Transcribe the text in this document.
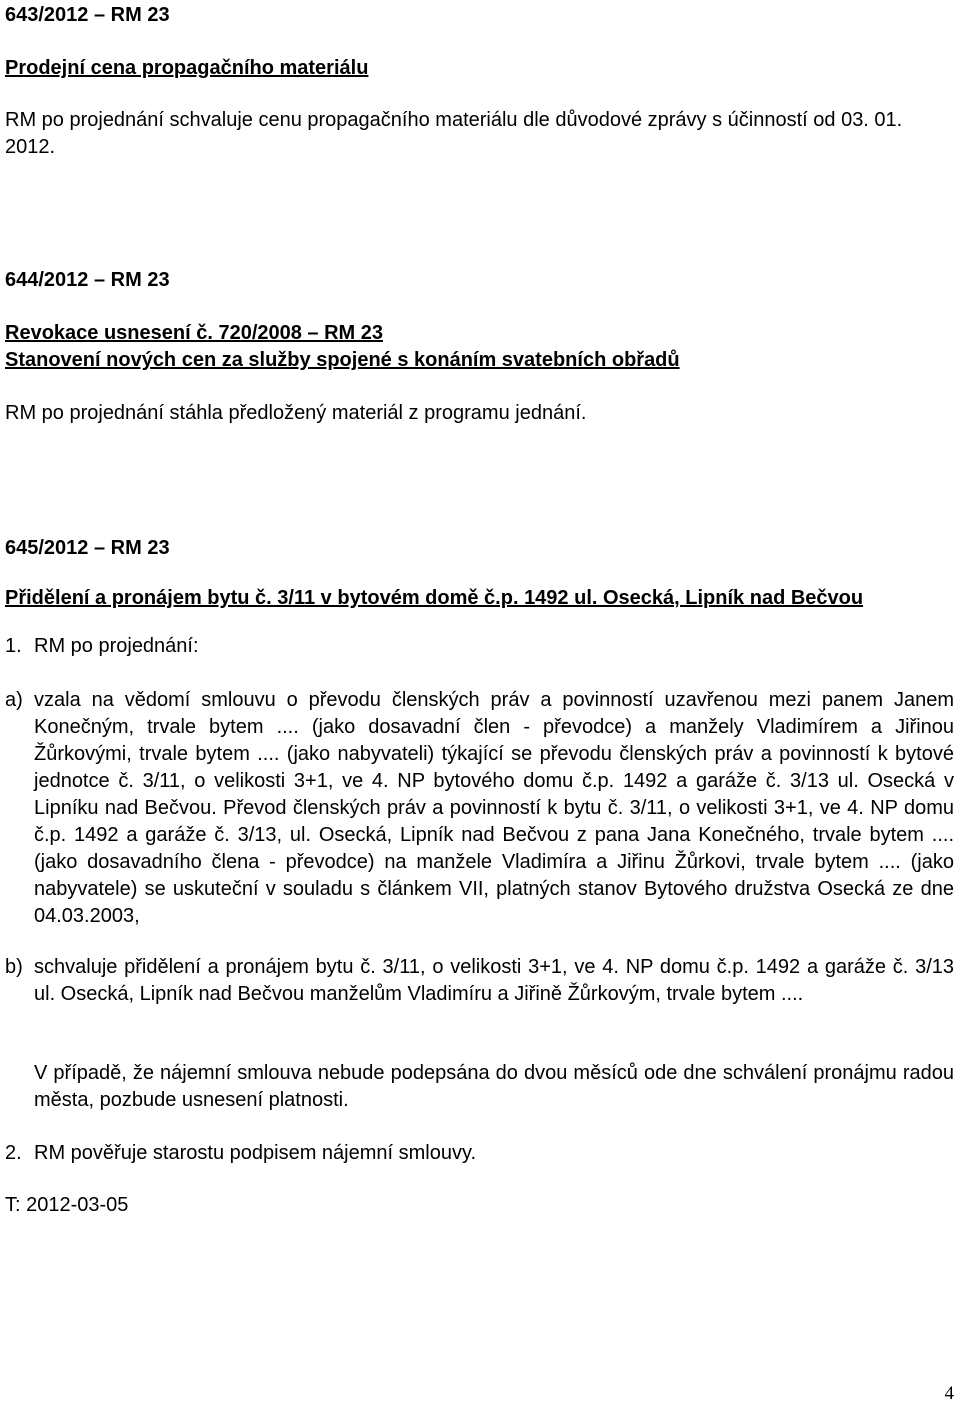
643/2012 – RM 23
Prodejní cena propagačního materiálu
RM po projednání schvaluje cenu propagačního materiálu dle důvodové zprávy s účinností od 03. 01. 2012.
644/2012 – RM 23
Revokace usnesení č. 720/2008 – RM 23
Stanovení nových cen za služby spojené s konáním svatebních obřadů
RM po projednání stáhla předložený materiál z programu jednání.
645/2012 – RM 23
Přidělení a pronájem bytu č. 3/11 v bytovém domě č.p. 1492 ul. Osecká, Lipník nad Bečvou
1. RM po projednání:
a) vzala na vědomí smlouvu o převodu členských práv a povinností uzavřenou mezi panem Janem Konečným, trvale bytem .... (jako dosavadní člen - převodce) a manžely Vladimírem a Jiřinou Žůrkovými, trvale bytem .... (jako nabyvateli) týkající se převodu členských práv a povinností k bytové jednotce č. 3/11, o velikosti 3+1, ve 4. NP bytového domu č.p. 1492 a garáže č. 3/13 ul. Osecká v Lipníku nad Bečvou. Převod členských práv a povinností k bytu č. 3/11, o velikosti 3+1, ve 4. NP domu č.p. 1492 a garáže č. 3/13, ul. Osecká, Lipník nad Bečvou z pana Jana Konečného, trvale bytem .... (jako dosavadního člena - převodce) na manžele Vladimíra a Jiřinu Žůrkovi, trvale bytem .... (jako nabyvatele) se uskuteční v souladu s článkem VII, platných stanov Bytového družstva Osecká ze dne 04.03.2003,
b) schvaluje přidělení a pronájem bytu č. 3/11, o velikosti 3+1, ve 4. NP domu č.p. 1492 a garáže č. 3/13 ul. Osecká, Lipník nad Bečvou manželům Vladimíru a Jiřině Žůrkovým, trvale bytem ....
V případě, že nájemní smlouva nebude podepsána do dvou měsíců ode dne schválení pronájmu radou města, pozbude usnesení platnosti.
2. RM pověřuje starostu podpisem nájemní smlouvy.
T: 2012-03-05
4
